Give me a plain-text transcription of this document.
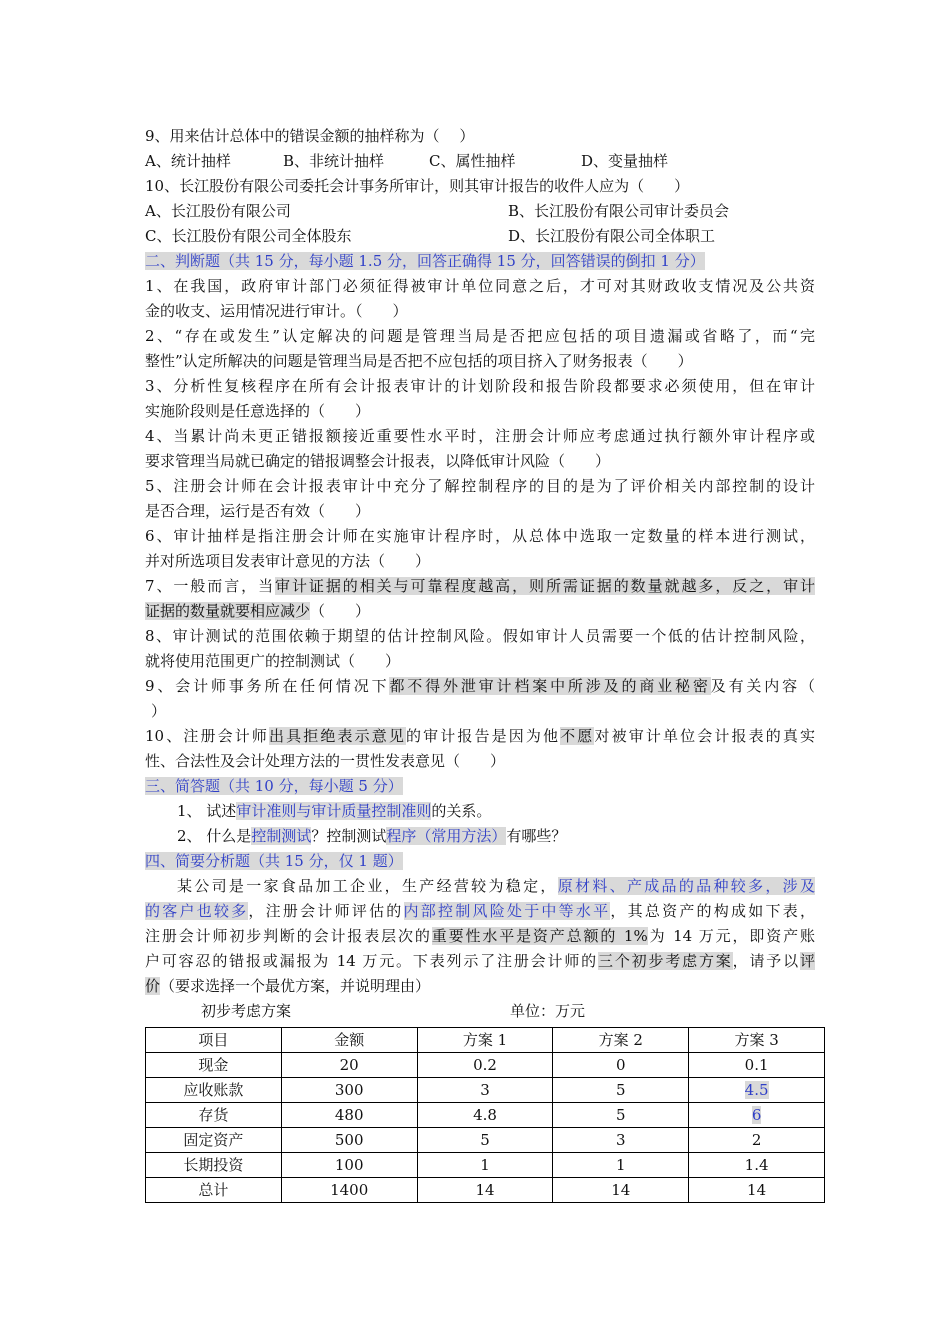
9、用来估计总体中的错误金额的抽样称为（　 ）
A、统计抽样	B、非统计抽样	C、属性抽样	D、变量抽样
10、长江股份有限公司委托会计事务所审计，则其审计报告的收件人应为（　　）
A、长江股份有限公司	B、长江股份有限公司审计委员会
C、长江股份有限公司全体股东	D、长江股份有限公司全体职工
二、判断题（共 15 分，每小题 1.5 分，回答正确得 15 分，回答错误的倒扣 1 分）
1、在我国，政府审计部门必须征得被审计单位同意之后，才可对其财政收支情况及公共资
金的收支、运用情况进行审计。（　　）
2、“存在或发生”认定解决的问题是管理当局是否把应包括的项目遗漏或省略了，而“完
整性”认定所解决的问题是管理当局是否把不应包括的项目挤入了财务报表（　　）
3、分析性复核程序在所有会计报表审计的计划阶段和报告阶段都要求必须使用，但在审计
实施阶段则是任意选择的（　　）
4、当累计尚未更正错报额接近重要性水平时，注册会计师应考虑通过执行额外审计程序或
要求管理当局就已确定的错报调整会计报表，以降低审计风险（　　）
5、注册会计师在会计报表审计中充分了解控制程序的目的是为了评价相关内部控制的设计
是否合理，运行是否有效（　　）
6、审计抽样是指注册会计师在实施审计程序时，从总体中选取一定数量的样本进行测试，
并对所选项目发表审计意见的方法（　　）
7、一般而言，当审计证据的相关与可靠程度越高，则所需证据的数量就越多，反之，审计
证据的数量就要相应减少（　　）
8、审计测试的范围依赖于期望的估计控制风险。假如审计人员需要一个低的估计控制风险，
就将使用范围更广的控制测试（　　）
9、会计师事务所在任何情况下都不得外泄审计档案中所涉及的商业秘密及有关内容（
）
10、注册会计师出具拒绝表示意见的审计报告是因为他不愿对被审计单位会计报表的真实
性、合法性及会计处理方法的一贯性发表意见（　　）
三、简答题（共 10 分，每小题 5 分）
1、 试述审计准则与审计质量控制准则的关系。
2、 什么是控制测试？控制测试程序（常用方法）有哪些？
四、简要分析题（共 15 分，仅 1 题）
某公司是一家食品加工企业，生产经营较为稳定，原材料、产成品的品种较多，涉及
的客户也较多，注册会计师评估的内部控制风险处于中等水平，其总资产的构成如下表，
注册会计师初步判断的会计报表层次的重要性水平是资产总额的 1%为 14 万元，即资产账
户可容忍的错报或漏报为 14 万元。下表列示了注册会计师的三个初步考虑方案，请予以评
价（要求选择一个最优方案，并说明理由）
初步考虑方案	单位：万元
项目	金额	方案 1	方案 2	方案 3
现金	20	0.2	0	0.1
应收账款	300	3	5	4.5
存货	480	4.8	5	6
固定资产	500	5	3	2
长期投资	100	1	1	1.4
总计	1400	14	14	14
